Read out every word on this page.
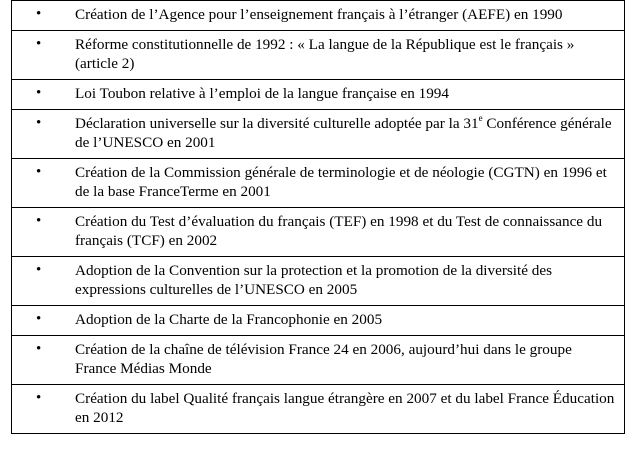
• Création de l’Agence pour l’enseignement français à l’étranger (AEFE) en 1990

• Réforme constitutionnelle de 1992 : « La langue de la République est le français » (article 2)

• Loi Toubon relative à l’emploi de la langue française en 1994

• Déclaration universelle sur la diversité culturelle adoptée par la 31e Conférence générale de l’UNESCO en 2001

• Création de la Commission générale de terminologie et de néologie (CGTN) en 1996 et de la base FranceTerme en 2001

• Création du Test d’évaluation du français (TEF) en 1998 et du Test de connaissance du français (TCF) en 2002

• Adoption de la Convention sur la protection et la promotion de la diversité des expressions culturelles de l’UNESCO en 2005

• Adoption de la Charte de la Francophonie en 2005

• Création de la chaîne de télévision France 24 en 2006, aujourd’hui dans le groupe France Médias Monde

• Création du label Qualité français langue étrangère en 2007 et du label France Éducation en 2012
